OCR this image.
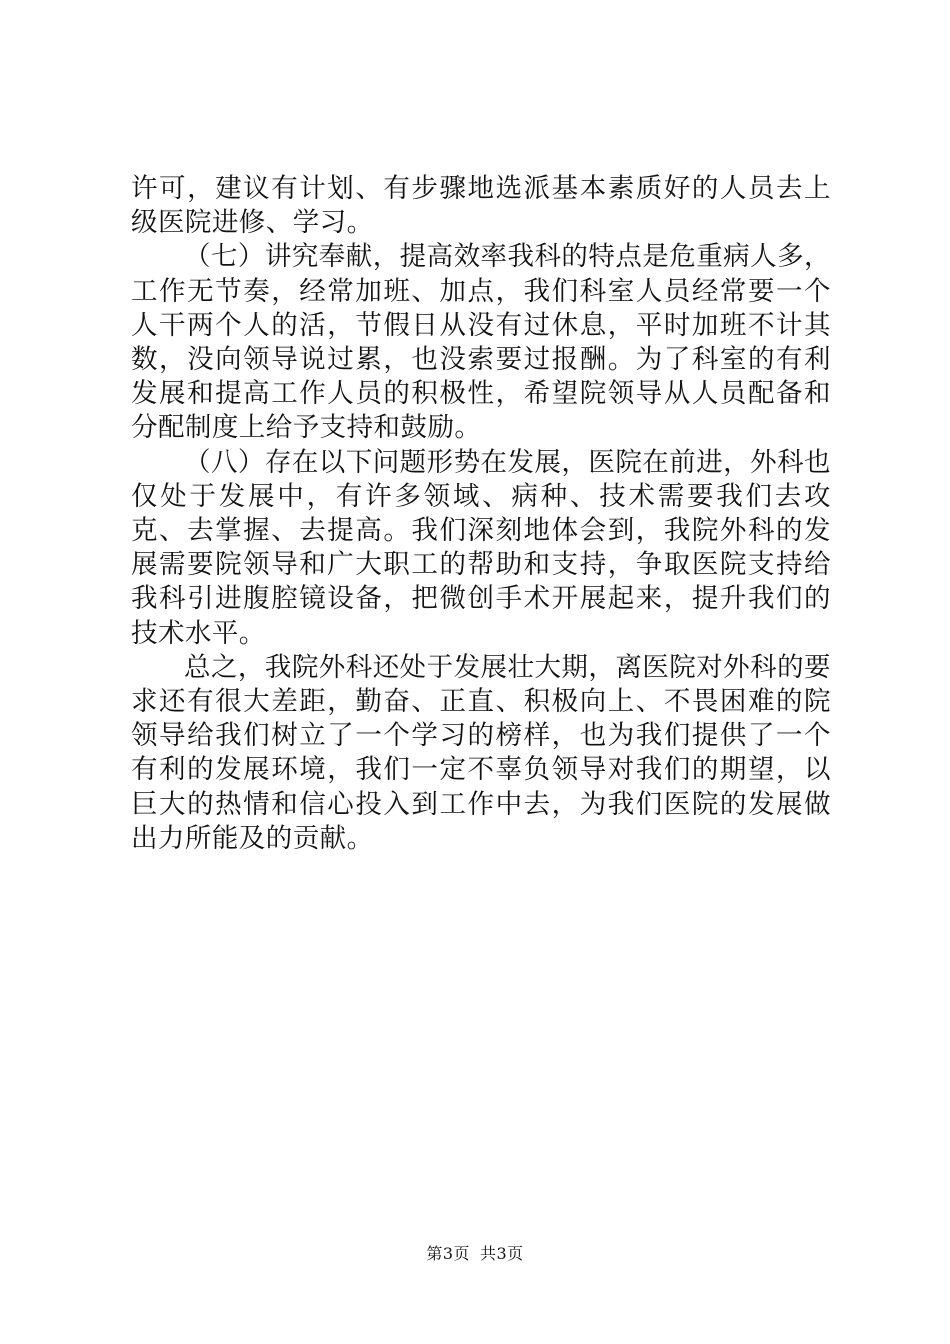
许可，建议有计划、有步骤地选派基本素质好的人员去上级医院进修、学习。

（七）讲究奉献，提高效率我科的特点是危重病人多，工作无节奏，经常加班、加点，我们科室人员经常要一个人干两个人的活，节假日从没有过休息，平时加班不计其数，没向领导说过累，也没索要过报酬。为了科室的有利发展和提高工作人员的积极性，希望院领导从人员配备和分配制度上给予支持和鼓励。

（八）存在以下问题形势在发展，医院在前进，外科也仅处于发展中，有许多领域、病种、技术需要我们去攻克、去掌握、去提高。我们深刻地体会到，我院外科的发展需要院领导和广大职工的帮助和支持，争取医院支持给我科引进腹腔镜设备，把微创手术开展起来，提升我们的技术水平。

总之，我院外科还处于发展壮大期，离医院对外科的要求还有很大差距，勤奋、正直、积极向上、不畏困难的院领导给我们树立了一个学习的榜样，也为我们提供了一个有利的发展环境，我们一定不辜负领导对我们的期望，以巨大的热情和信心投入到工作中去，为我们医院的发展做出力所能及的贡献。

第3页 共3页
